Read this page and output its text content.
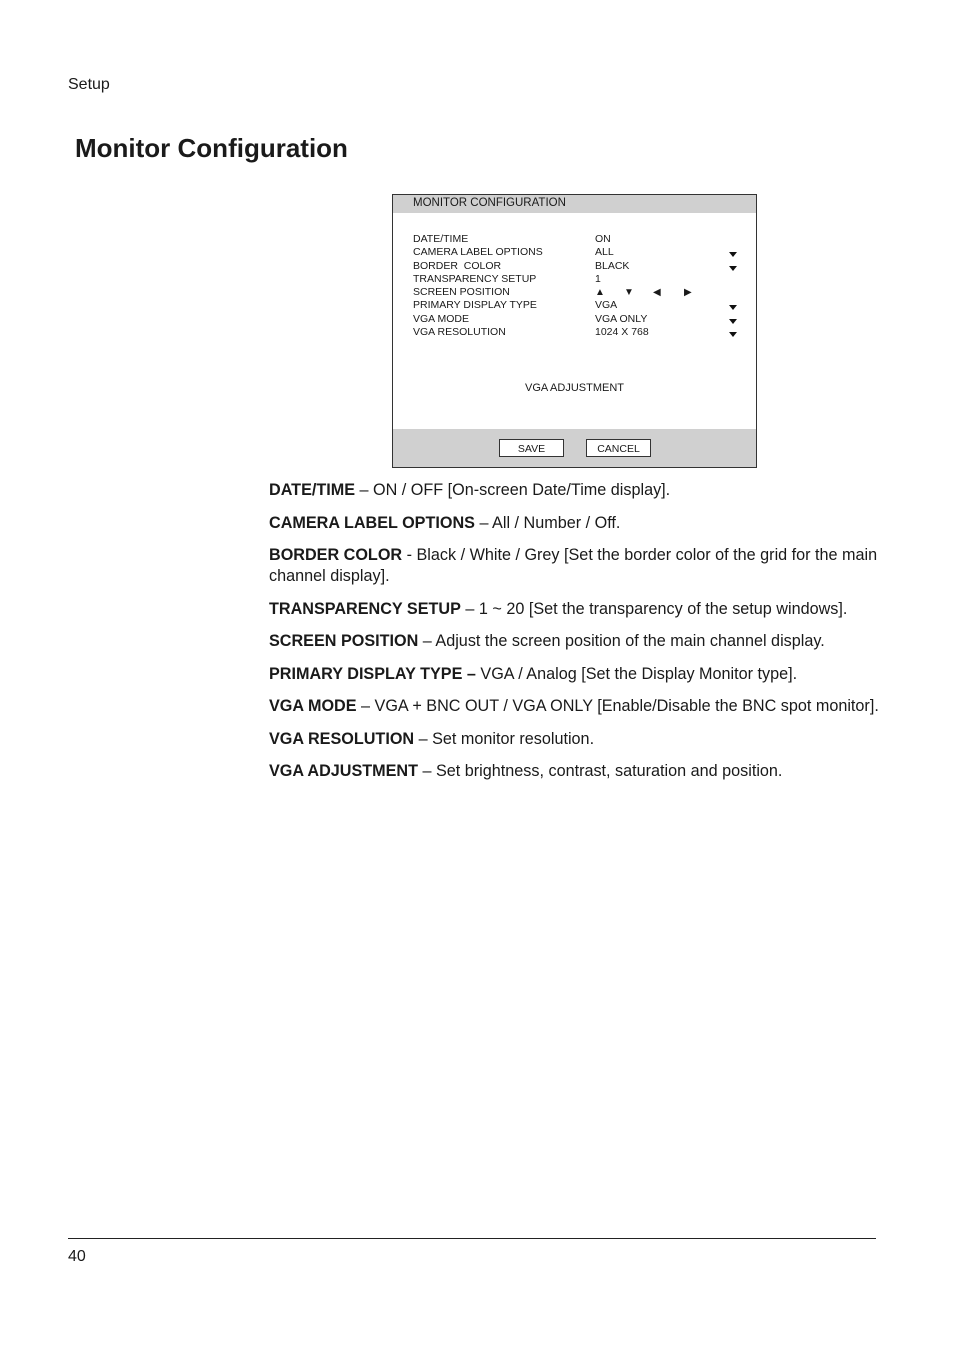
Setup
Monitor Configuration
MONITOR CONFIGURATION
DATE/TIME	ON
CAMERA LABEL OPTIONS	ALL
BORDER  COLOR	BLACK
TRANSPARENCY SETUP	1
SCREEN POSITION	▲ ▼ ◀ ▶
PRIMARY DISPLAY TYPE	VGA
VGA MODE	VGA ONLY
VGA RESOLUTION	1024 X 768
VGA ADJUSTMENT
SAVE	CANCEL

DATE/TIME – ON / OFF [On-screen Date/Time display].

CAMERA LABEL OPTIONS – All / Number / Off.

BORDER COLOR - Black / White / Grey [Set the border color of the grid for the main channel display].

TRANSPARENCY SETUP – 1 ~ 20 [Set the transparency of the setup windows].

SCREEN POSITION – Adjust the screen position of the main channel display.

PRIMARY DISPLAY TYPE – VGA / Analog [Set the Display Monitor type].

VGA MODE – VGA + BNC OUT / VGA ONLY [Enable/Disable the BNC spot monitor].

VGA RESOLUTION – Set monitor resolution.

VGA ADJUSTMENT – Set brightness, contrast, saturation and position.

40
